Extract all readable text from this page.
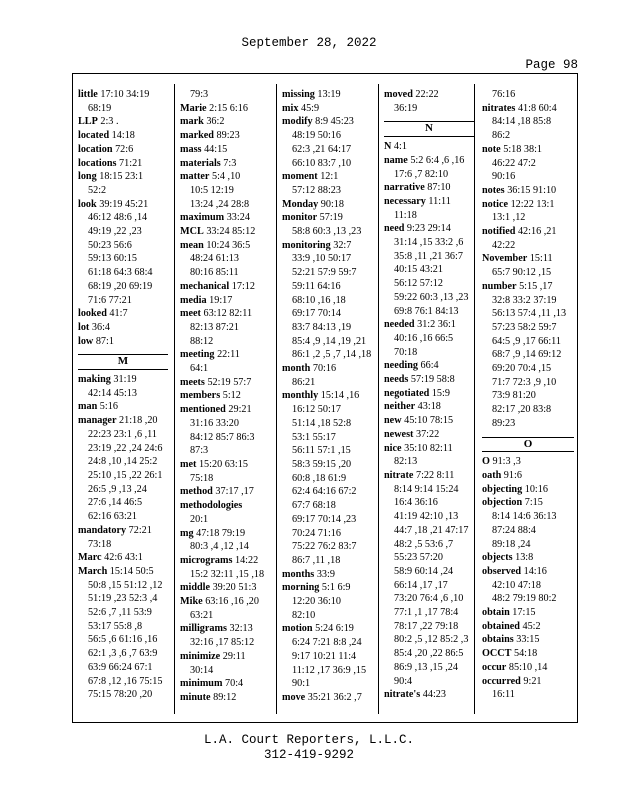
September 28, 2022
Page 98
little 17:10 34:19
68:19
LLP 2:3 .
located 14:18
location 72:6
locations 71:21
long 18:15 23:1
52:2
look 39:19 45:21
46:12 48:6 ,14
49:19 ,22 ,23
50:23 56:6
59:13 60:15
61:18 64:3 68:4
68:19 ,20 69:19
71:6 77:21
looked 41:7
lot 36:4
low 87:1
M
making 31:19
42:14 45:13
man 5:16
manager 21:18 ,20
22:23 23:1 ,6 ,11
23:19 ,22 ,24 24:6
24:8 ,10 ,14 25:2
25:10 ,15 ,22 26:1
26:5 ,9 ,13 ,24
27:6 ,14 46:5
62:16 63:21
mandatory 72:21
73:18
Marc 42:6 43:1
March 15:14 50:5
50:8 ,15 51:12 ,12
51:19 ,23 52:3 ,4
52:6 ,7 ,11 53:9
53:17 55:8 ,8
56:5 ,6 61:16 ,16
62:1 ,3 ,6 ,7 63:9
63:9 66:24 67:1
67:8 ,12 ,16 75:15
75:15 78:20 ,20
79:3
Marie 2:15 6:16
mark 36:2
marked 89:23
mass 44:15
materials 7:3
matter 5:4 ,10
10:5 12:19
13:24 ,24 28:8
maximum 33:24
MCL 33:24 85:12
mean 10:24 36:5
48:24 61:13
80:16 85:11
mechanical 17:12
media 19:17
meet 63:12 82:11
82:13 87:21
88:12
meeting 22:11
64:1
meets 52:19 57:7
members 5:12
mentioned 29:21
31:16 33:20
84:12 85:7 86:3
87:3
met 15:20 63:15
75:18
method 37:17 ,17
methodologies
20:1
mg 47:18 79:19
80:3 ,4 ,12 ,14
micrograms 14:22
15:2 32:11 ,15 ,18
middle 39:20 51:3
Mike 63:16 ,16 ,20
63:21
milligrams 32:13
32:16 ,17 85:12
minimize 29:11
30:14
minimum 70:4
minute 89:12
missing 13:19
mix 45:9
modify 8:9 45:23
48:19 50:16
62:3 ,21 64:17
66:10 83:7 ,10
moment 12:1
57:12 88:23
Monday 90:18
monitor 57:19
58:8 60:3 ,13 ,23
monitoring 32:7
33:9 ,10 50:17
52:21 57:9 59:7
59:11 64:16
68:10 ,16 ,18
69:17 70:14
83:7 84:13 ,19
85:4 ,9 ,14 ,19 ,21
86:1 ,2 ,5 ,7 ,14 ,18
month 70:16
86:21
monthly 15:14 ,16
16:12 50:17
51:14 ,18 52:8
53:1 55:17
56:11 57:1 ,15
58:3 59:15 ,20
60:8 ,18 61:9
62:4 64:16 67:2
67:7 68:18
69:17 70:14 ,23
70:24 71:16
75:22 76:2 83:7
86:7 ,11 ,18
months 33:9
morning 5:1 6:9
12:20 36:10
82:10
motion 5:24 6:19
6:24 7:21 8:8 ,24
9:17 10:21 11:4
11:12 ,17 36:9 ,15
90:1
move 35:21 36:2 ,7
moved 22:22
36:19
N
N 4:1
name 5:2 6:4 ,6 ,16
17:6 ,7 82:10
narrative 87:10
necessary 11:11
11:18
need 9:23 29:14
31:14 ,15 33:2 ,6
35:8 ,11 ,21 36:7
40:15 43:21
56:12 57:12
59:22 60:3 ,13 ,23
69:8 76:1 84:13
needed 31:2 36:1
40:16 ,16 66:5
70:18
needing 66:4
needs 57:19 58:8
negotiated 15:9
neither 43:18
new 45:10 78:15
newest 37:22
nice 35:10 82:11
82:13
nitrate 7:22 8:11
8:14 9:14 15:24
16:4 36:16
41:19 42:10 ,13
44:7 ,18 ,21 47:17
48:2 ,5 53:6 ,7
55:23 57:20
58:9 60:14 ,24
66:14 ,17 ,17
73:20 76:4 ,6 ,10
77:1 ,1 ,17 78:4
78:17 ,22 79:18
80:2 ,5 ,12 85:2 ,3
85:4 ,20 ,22 86:5
86:9 ,13 ,15 ,24
90:4
nitrate's 44:23
76:16
nitrates 41:8 60:4
84:14 ,18 85:8
86:2
note 5:18 38:1
46:22 47:2
90:16
notes 36:15 91:10
notice 12:22 13:1
13:1 ,12
notified 42:16 ,21
42:22
November 15:11
65:7 90:12 ,15
number 5:15 ,17
32:8 33:2 37:19
56:13 57:4 ,11 ,13
57:23 58:2 59:7
64:5 ,9 ,17 66:11
68:7 ,9 ,14 69:12
69:20 70:4 ,15
71:7 72:3 ,9 ,10
73:9 81:20
82:17 ,20 83:8
89:23
O
O 91:3 ,3
oath 91:6
objecting 10:16
objection 7:15
8:14 14:6 36:13
87:24 88:4
89:18 ,24
objects 13:8
observed 14:16
42:10 47:18
48:2 79:19 80:2
obtain 17:15
obtained 45:2
obtains 33:15
OCCT 54:18
occur 85:10 ,14
occurred 9:21
16:11
L.A. Court Reporters, L.L.C.
312-419-9292
